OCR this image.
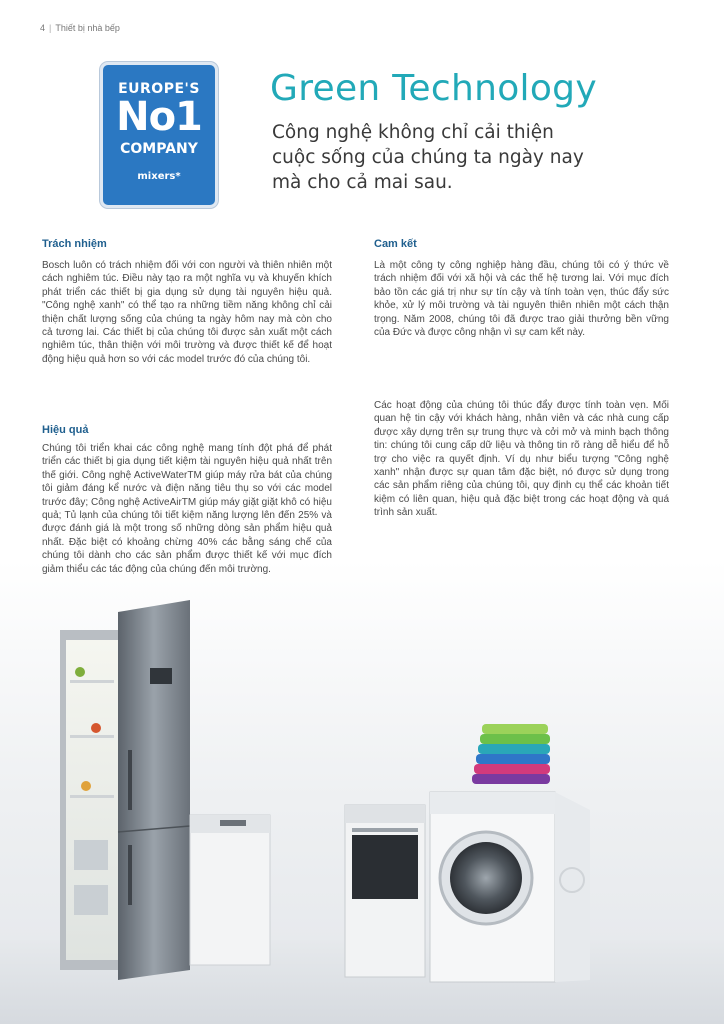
4 | Thiết bị nhà bếp
EUROPE'S
No1
COMPANY
mixers*
Green Technology
Công nghệ không chỉ cải thiện cuộc sống của chúng ta ngày nay mà cho cả mai sau.
Trách nhiệm
Bosch luôn có trách nhiệm đối với con người và thiên nhiên một cách nghiêm túc. Điều này tạo ra một nghĩa vụ và khuyến khích phát triển các thiết bị gia dụng sử dụng tài nguyên hiệu quả. "Công nghệ xanh" có thể tạo ra những tiềm năng không chỉ cải thiện chất lượng sống của chúng ta ngày hôm nay mà còn cho cả tương lai. Các thiết bị của chúng tôi được sản xuất một cách nghiêm túc, thân thiện với môi trường và được thiết kế để hoạt động hiệu quả hơn so với các model trước đó của chúng tôi.
Hiệu quả
Chúng tôi triển khai các công nghệ mang tính đột phá để phát triển các thiết bị gia dụng tiết kiệm tài nguyên hiệu quả nhất trên thế giới. Công nghệ ActiveWaterTM giúp máy rửa bát của chúng tôi giảm đáng kể nước và điện năng tiêu thụ so với các model trước đây; Công nghệ ActiveAirTM giúp máy giặt giặt khô có hiệu quả; Tủ lạnh của chúng tôi tiết kiệm năng lượng lên đến 25% và được đánh giá là một trong số những dòng sản phẩm hiệu quả nhất. Đặc biệt có khoảng chừng 40% các bằng sáng chế của chúng tôi dành cho các sản phẩm được thiết kế với mục đích giảm thiểu các tác động của chúng đến môi trường.
Cam kết
Là một công ty công nghiệp hàng đầu, chúng tôi có ý thức về trách nhiệm đối với xã hội và các thế hệ tương lai. Với mục đích bảo tồn các giá trị như sự tín cậy và tính toàn vẹn, thúc đẩy sức khỏe, xử lý môi trường và tài nguyên thiên nhiên một cách thận trọng. Năm 2008, chúng tôi đã được trao giải thưởng bền vững của Đức và được công nhận vì sự cam kết này.
Các hoạt động của chúng tôi thúc đẩy được tính toàn vẹn. Mối quan hệ tin cậy với khách hàng, nhân viên và các nhà cung cấp được xây dựng trên sự trung thực và cởi mở và minh bạch thông tin: chúng tôi cung cấp dữ liệu và thông tin rõ ràng dễ hiểu để hỗ trợ cho việc ra quyết định. Ví dụ như biểu tượng "Công nghệ xanh" nhận được sự quan tâm đặc biệt, nó được sử dụng trong các sản phẩm riêng của chúng tôi, quy định cụ thể các khoản tiết kiệm có liên quan, hiệu quả đặc biệt trong các hoạt động và quá trình sản xuất.
